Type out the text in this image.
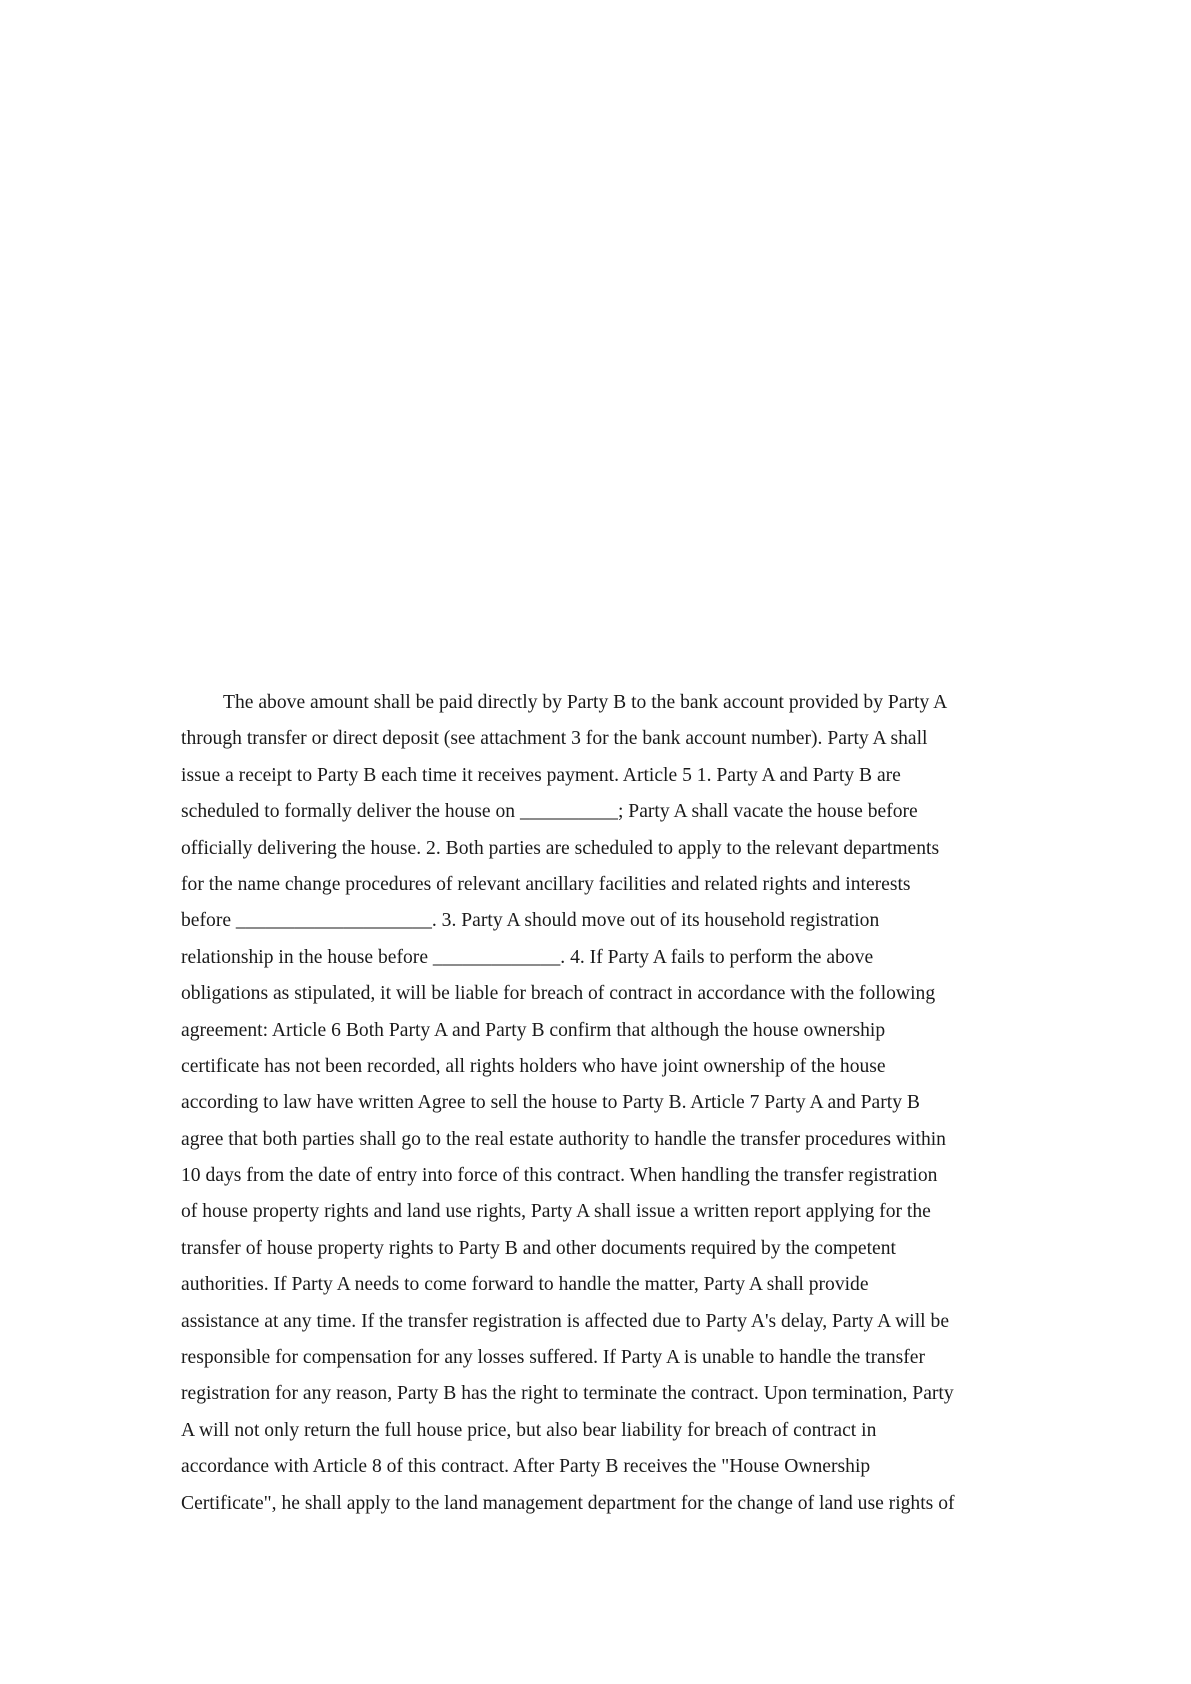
The above amount shall be paid directly by Party B to the bank account provided by Party A
through transfer or direct deposit (see attachment 3 for the bank account number). Party A shall
issue a receipt to Party B each time it receives payment. Article 5 1. Party A and Party B are
scheduled to formally deliver the house on __________; Party A shall vacate the house before
officially delivering the house. 2. Both parties are scheduled to apply to the relevant departments
for the name change procedures of relevant ancillary facilities and related rights and interests
before ____________________. 3. Party A should move out of its household registration
relationship in the house before _____________. 4. If Party A fails to perform the above
obligations as stipulated, it will be liable for breach of contract in accordance with the following
agreement: Article 6 Both Party A and Party B confirm that although the house ownership
certificate has not been recorded, all rights holders who have joint ownership of the house
according to law have written Agree to sell the house to Party B. Article 7 Party A and Party B
agree that both parties shall go to the real estate authority to handle the transfer procedures within
10 days from the date of entry into force of this contract. When handling the transfer registration
of house property rights and land use rights, Party A shall issue a written report applying for the
transfer of house property rights to Party B and other documents required by the competent
authorities. If Party A needs to come forward to handle the matter, Party A shall provide
assistance at any time. If the transfer registration is affected due to Party A's delay, Party A will be
responsible for compensation for any losses suffered. If Party A is unable to handle the transfer
registration for any reason, Party B has the right to terminate the contract. Upon termination, Party
A will not only return the full house price, but also bear liability for breach of contract in
accordance with Article 8 of this contract. After Party B receives the "House Ownership
Certificate", he shall apply to the land management department for the change of land use rights of
